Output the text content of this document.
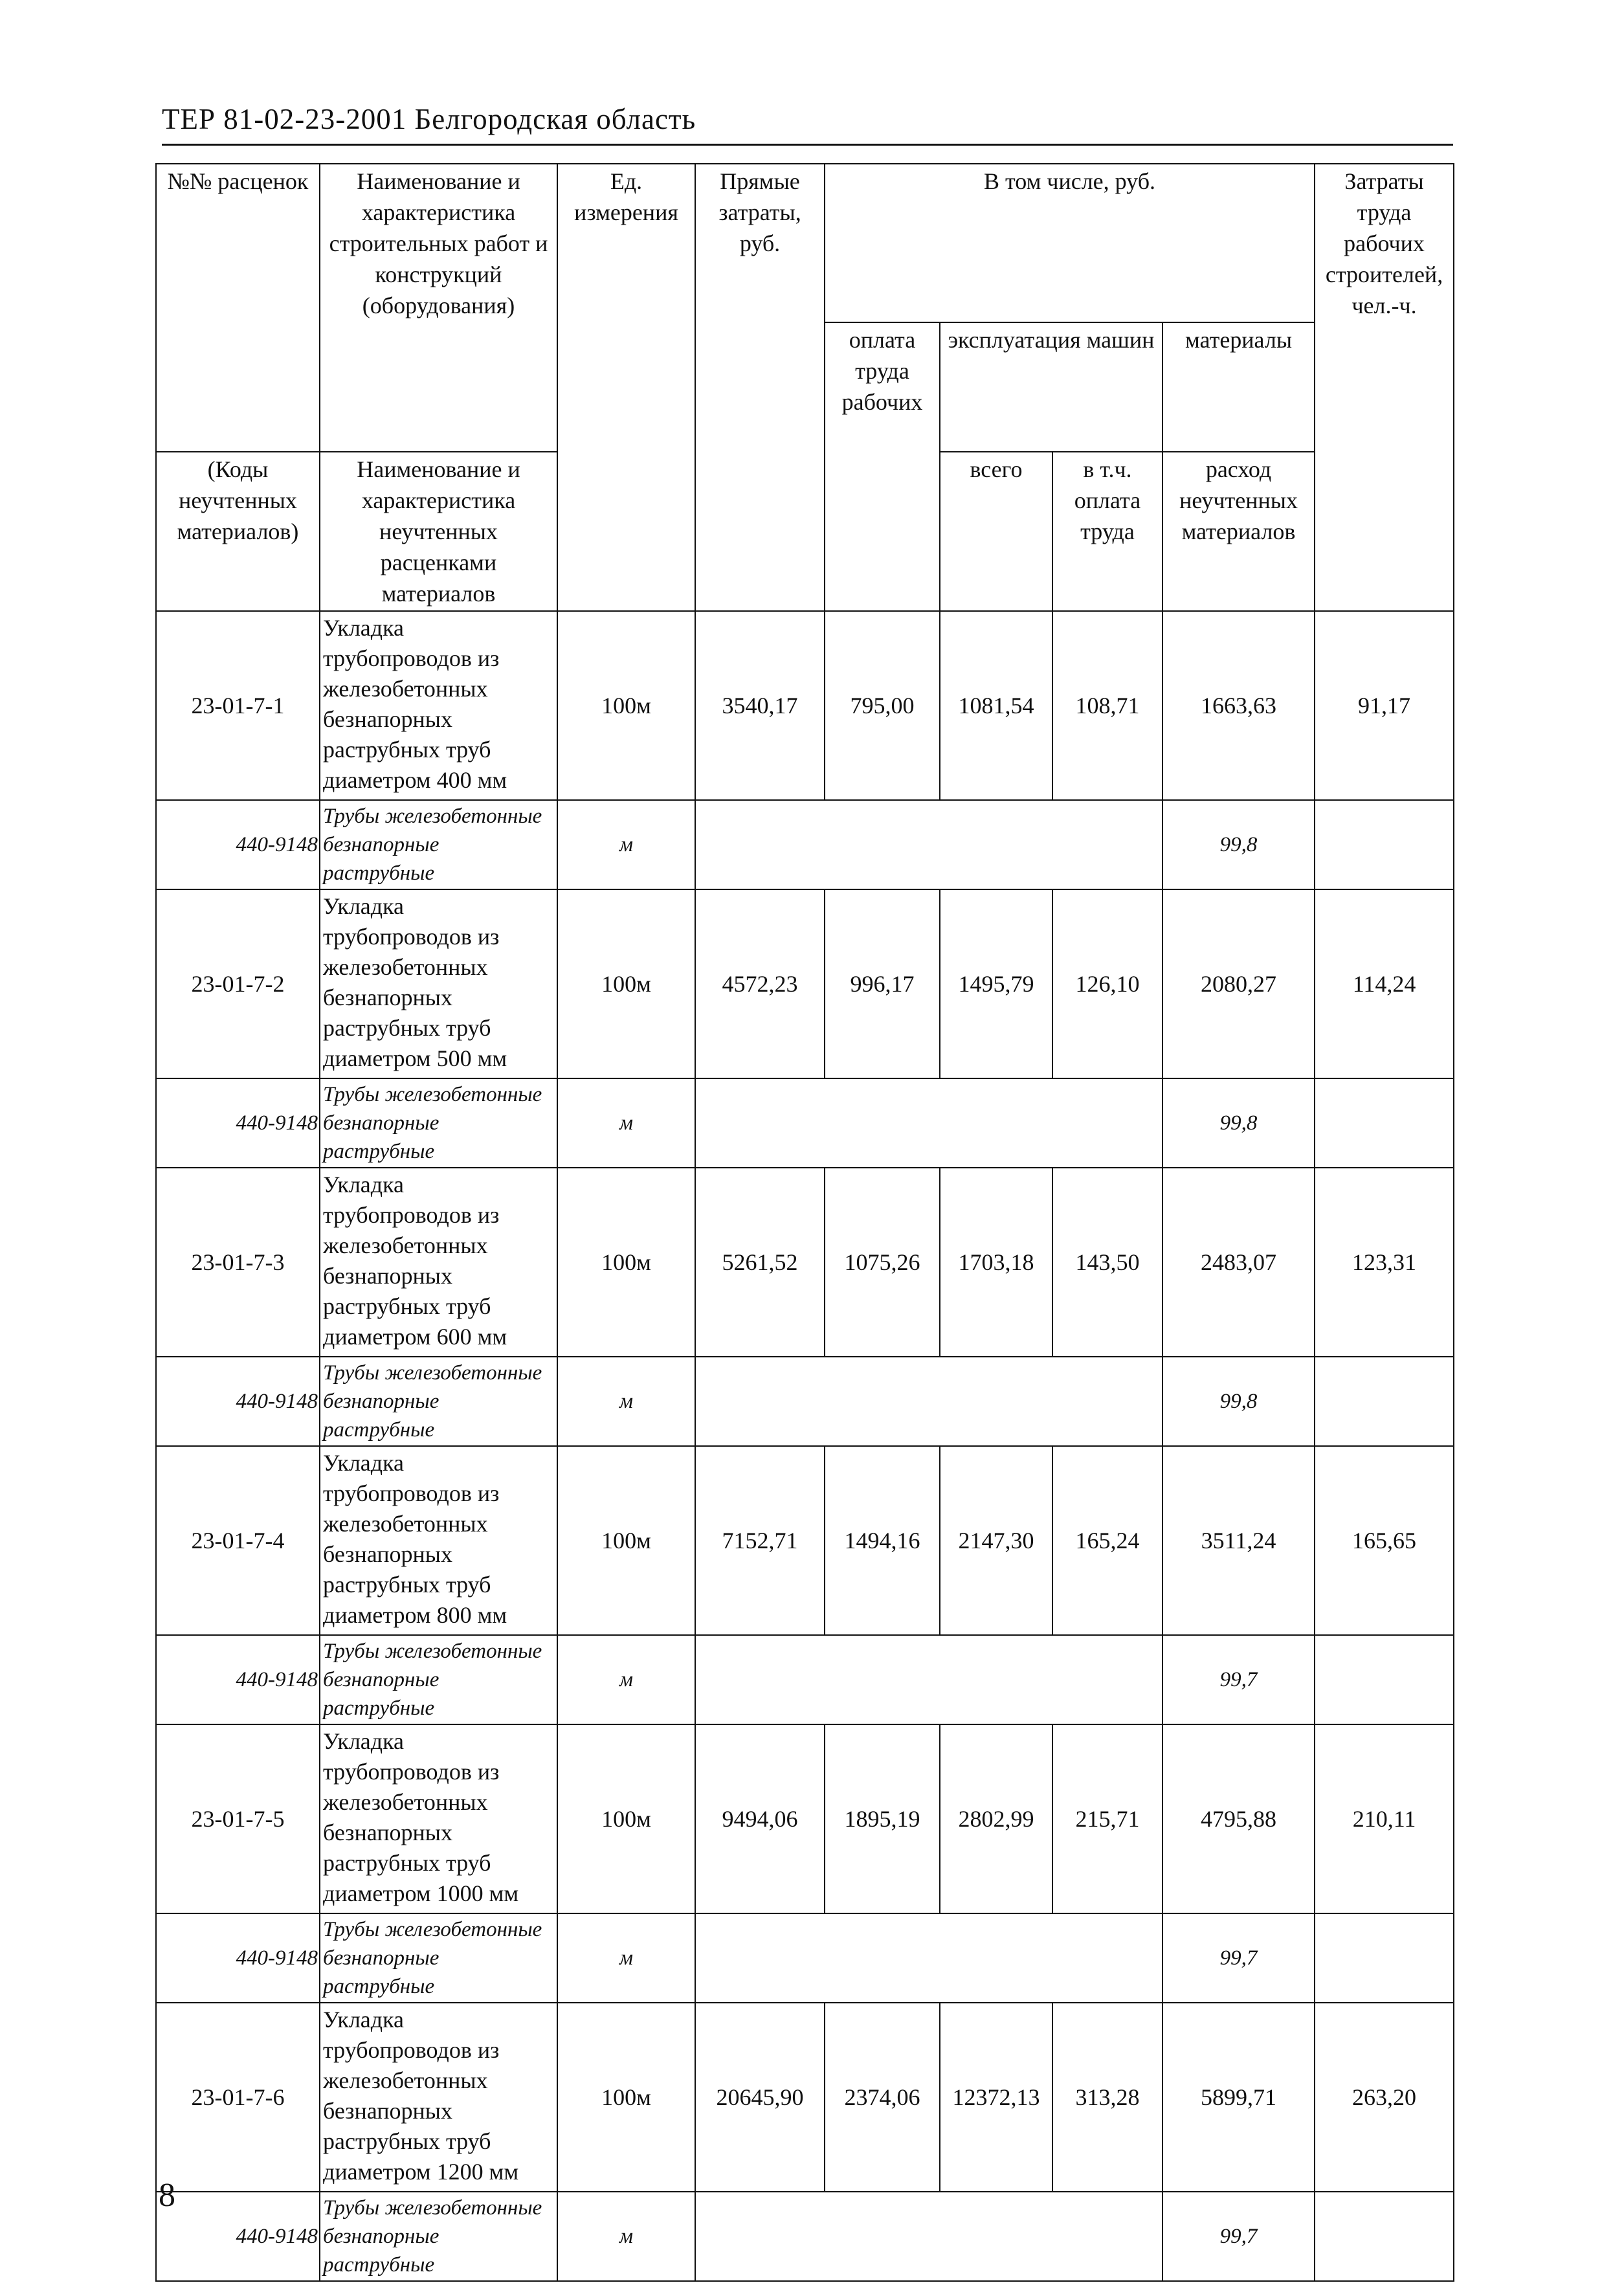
ТЕР 81-02-23-2001 Белгородская область
№№ расценок	Наименование и характеристика строительных работ и конструкций (оборудования)	Ед. измерения	Прямые затраты, руб.	В том числе, руб.				Затраты труда рабочих строителей, чел.-ч.
				оплата труда рабочих	эксплуатация машин		материалы	
(Коды неучтенных материалов)	Наименование и характеристика неучтенных расценками материалов				всего	в т.ч. оплата труда	расход неучтенных материалов	
23-01-7-1	Укладка трубопроводов из железобетонных безнапорных раструбных труб диаметром 400 мм	100м	3540,17	795,00	1081,54	108,71	1663,63	91,17
440-9148	Трубы железобетонные безнапорные раструбные	м					99,8	
23-01-7-2	Укладка трубопроводов из железобетонных безнапорных раструбных труб диаметром 500 мм	100м	4572,23	996,17	1495,79	126,10	2080,27	114,24
440-9148	Трубы железобетонные безнапорные раструбные	м					99,8	
23-01-7-3	Укладка трубопроводов из железобетонных безнапорных раструбных труб диаметром 600 мм	100м	5261,52	1075,26	1703,18	143,50	2483,07	123,31
440-9148	Трубы железобетонные безнапорные раструбные	м					99,8	
23-01-7-4	Укладка трубопроводов из железобетонных безнапорных раструбных труб диаметром 800 мм	100м	7152,71	1494,16	2147,30	165,24	3511,24	165,65
440-9148	Трубы железобетонные безнапорные раструбные	м					99,7	
23-01-7-5	Укладка трубопроводов из железобетонных безнапорных раструбных труб диаметром 1000 мм	100м	9494,06	1895,19	2802,99	215,71	4795,88	210,11
440-9148	Трубы железобетонные безнапорные раструбные	м					99,7	
23-01-7-6	Укладка трубопроводов из железобетонных безнапорных раструбных труб диаметром 1200 мм	100м	20645,90	2374,06	12372,13	313,28	5899,71	263,20
440-9148	Трубы железобетонные безнапорные раструбные	м					99,7	
8
